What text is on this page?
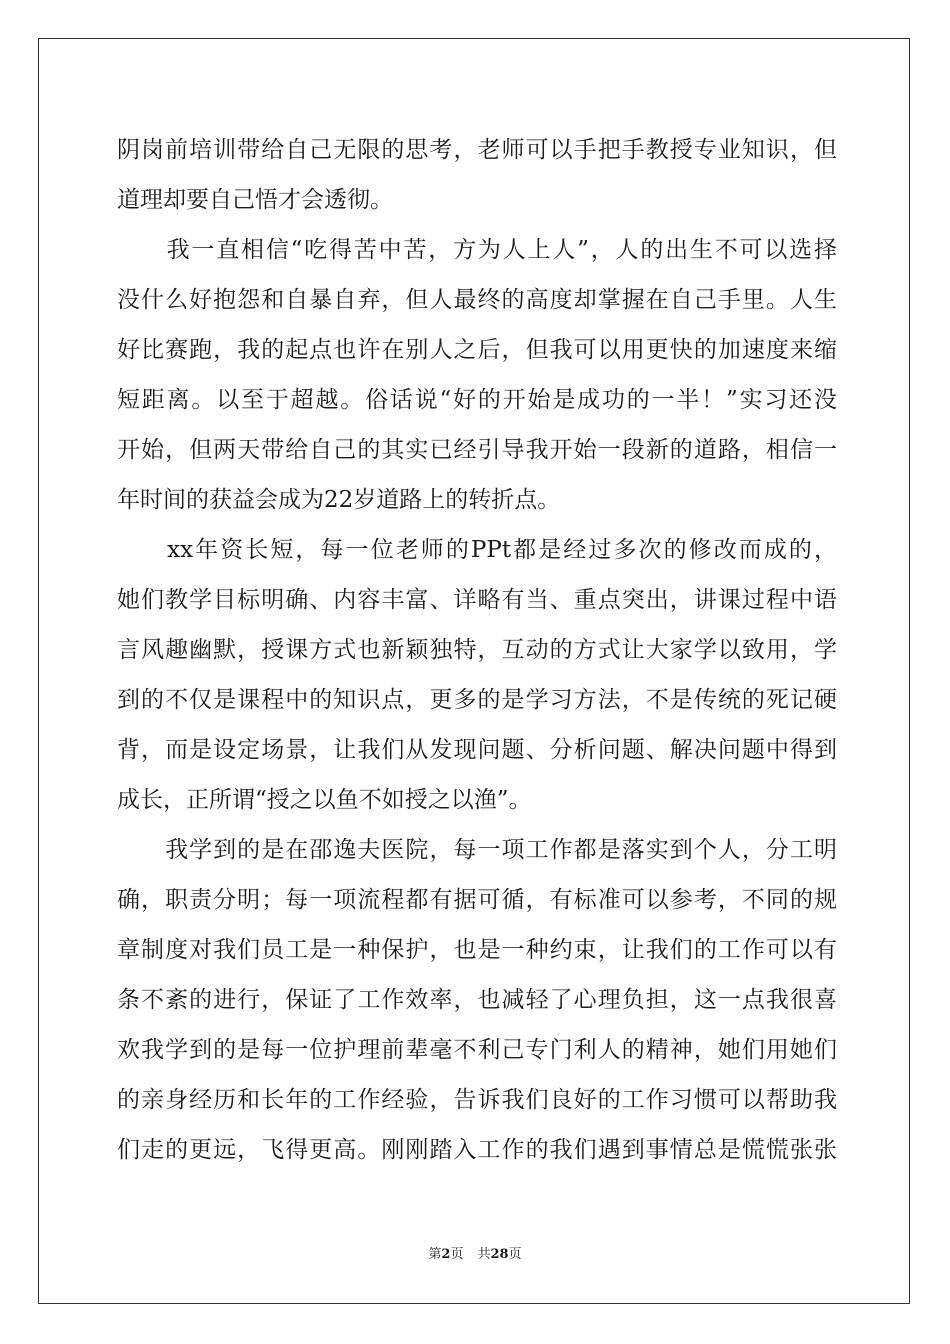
阴岗前培训带给自己无限的思考，老师可以手把手教授专业知识，但
道理却要自己悟才会透彻。
　　我一直相信“吃得苦中苦，方为人上人”，人的出生不可以选择
没什么好抱怨和自暴自弃，但人最终的高度却掌握在自己手里。人生
好比赛跑，我的起点也许在别人之后，但我可以用更快的加速度来缩
短距离。以至于超越。俗话说“好的开始是成功的一半！”实习还没
开始，但两天带给自己的其实已经引导我开始一段新的道路，相信一
年时间的获益会成为22岁道路上的转折点。
　　xx年资长短，每一位老师的PPt都是经过多次的修改而成的，
她们教学目标明确、内容丰富、详略有当、重点突出，讲课过程中语
言风趣幽默，授课方式也新颖独特，互动的方式让大家学以致用，学
到的不仅是课程中的知识点，更多的是学习方法，不是传统的死记硬
背，而是设定场景，让我们从发现问题、分析问题、解决问题中得到
成长，正所谓“授之以鱼不如授之以渔”。
　　我学到的是在邵逸夫医院，每一项工作都是落实到个人，分工明
确，职责分明；每一项流程都有据可循，有标准可以参考，不同的规
章制度对我们员工是一种保护，也是一种约束，让我们的工作可以有
条不紊的进行，保证了工作效率，也减轻了心理负担，这一点我很喜
欢我学到的是每一位护理前辈毫不利己专门利人的精神，她们用她们
的亲身经历和长年的工作经验，告诉我们良好的工作习惯可以帮助我
们走的更远，飞得更高。刚刚踏入工作的我们遇到事情总是慌慌张张
第2页 共28页
